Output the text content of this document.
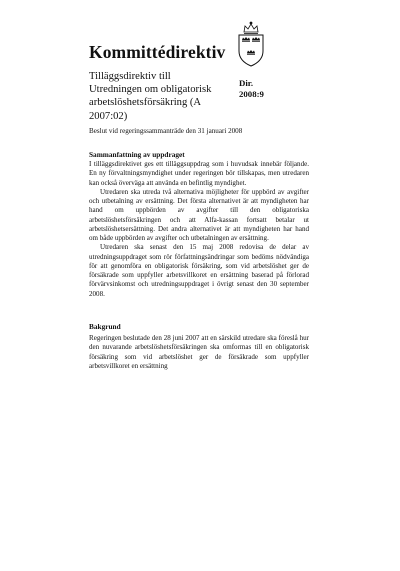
Kommittédirektiv
Tilläggsdirektiv till Utredningen om obligatorisk arbetslöshetsförsäkring (A 2007:02)
Dir.
2008:9
Beslut vid regeringssammanträde den 31 januari 2008
Sammanfattning av uppdraget

I tilläggsdirektivet ges ett tilläggsuppdrag som i huvudsak innebär följande. En ny förvaltningsmyndighet under regeringen bör tillskapas, men utredaren kan också överväga att använda en befintlig myndighet.

Utredaren ska utreda två alternativa möjligheter för uppbörd av avgifter och utbetalning av ersättning. Det första alternativet är att myndigheten har hand om uppbörden av avgifter till den obligatoriska arbetslöshetsförsäkringen och att Alfa-kassan fortsatt betalar ut arbetslöshetsersättning. Det andra alternativet är att myndigheten har hand om både uppbörden av avgifter och utbetalningen av ersättning.

Utredaren ska senast den 15 maj 2008 redovisa de delar av utredningsuppdraget som rör författningsändringar som bedöms nödvändiga för att genomföra en obligatorisk försäkring, som vid arbetslöshet ger de försäkrade som uppfyller arbetsvillkoret en ersättning baserad på förlorad förvärvsinkomst och utredningsuppdraget i övrigt senast den 30 september 2008.

Bakgrund

Regeringen beslutade den 28 juni 2007 att en särskild utredare ska föreslå hur den nuvarande arbetslöshetsförsäkringen ska omformas till en obligatorisk försäkring som vid arbetslöshet ger de försäkrade som uppfyller arbetsvillkoret en ersättning
